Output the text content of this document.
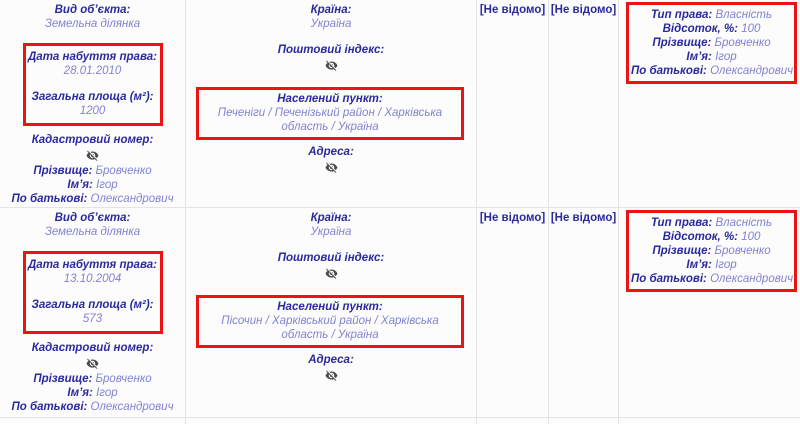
Вид об’єкта:
Земельна ділянка
Дата набуття права:
28.01.2010
Загальна площа (м²):
1200
Кадастровий номер:
Прізвище: Бровченко
Ім’я: Ігор
По батькові: Олександрович
Країна:
Україна
Поштовий індекс:
Населений пункт:
Печеніги / Печенізький район / Харківська область / Україна
Адреса:
[Не відомо] [Не відомо]	Тип права: Власність
Відсоток, %: 100
Прізвище: Бровченко
Ім’я: Ігор
По батькові: Олександрович
Вид об’єкта:
Земельна ділянка
Дата набуття права:
13.10.2004
Загальна площа (м²):
573
Кадастровий номер:
Прізвище: Бровченко
Ім’я: Ігор
По батькові: Олександрович
Країна:
Україна
Поштовий індекс:
Населений пункт:
Пісочин / Харківський район / Харківська область / Україна
Адреса:
[Не відомо] [Не відомо]	Тип права: Власність
Відсоток, %: 100
Прізвище: Бровченко
Ім’я: Ігор
По батькові: Олександрович
